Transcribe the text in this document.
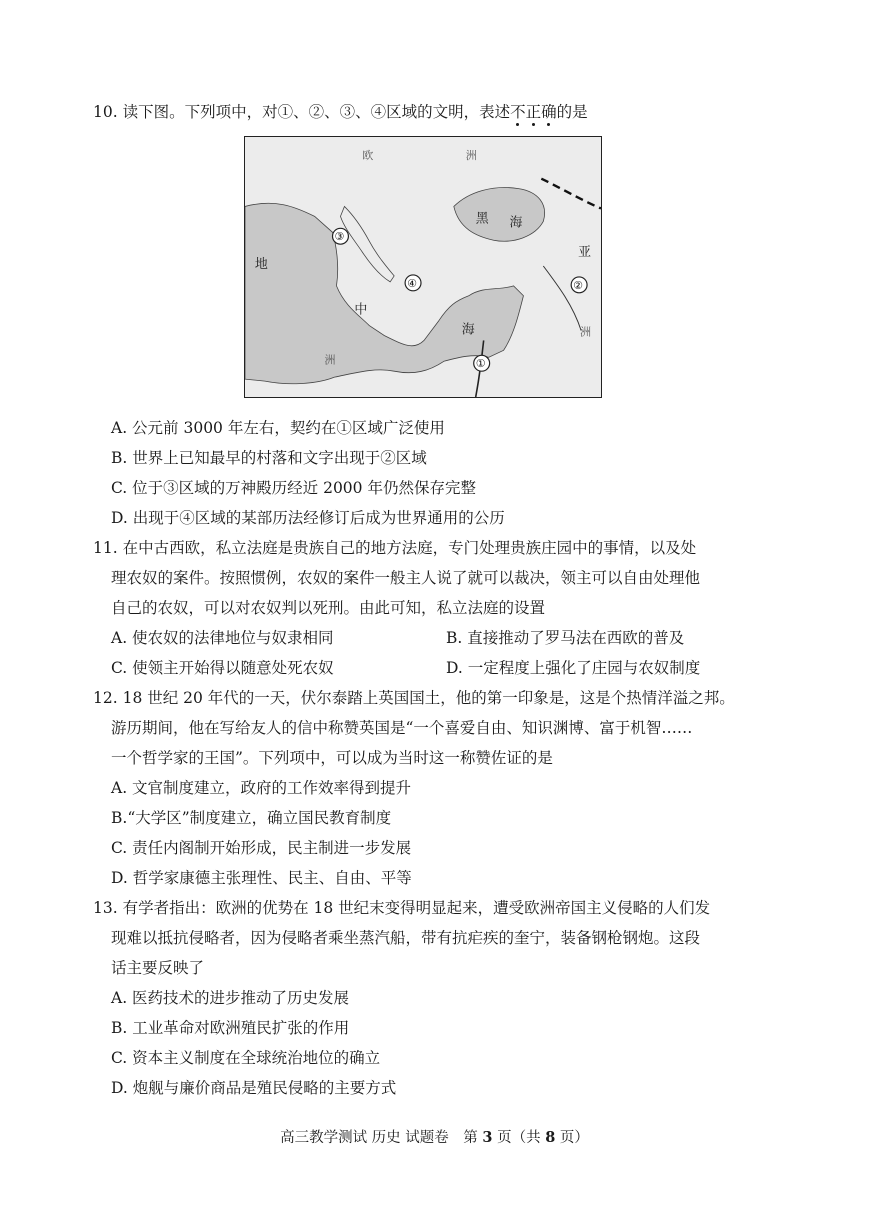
10. 读下图。下列项中，对①、②、③、④区域的文明，表述不正确的是
欧	洲
黑 海
亚
洲
地
中
海
洲	①
②
③
④
A. 公元前 3000 年左右，契约在①区域广泛使用
B. 世界上已知最早的村落和文字出现于②区域
C. 位于③区域的万神殿历经近 2000 年仍然保存完整
D. 出现于④区域的某部历法经修订后成为世界通用的公历
11. 在中古西欧，私立法庭是贵族自己的地方法庭，专门处理贵族庄园中的事情，以及处
理农奴的案件。按照惯例，农奴的案件一般主人说了就可以裁决，领主可以自由处理他
自己的农奴，可以对农奴判以死刑。由此可知，私立法庭的设置
A. 使农奴的法律地位与奴隶相同	B. 直接推动了罗马法在西欧的普及
C. 使领主开始得以随意处死农奴	D. 一定程度上强化了庄园与农奴制度
12. 18 世纪 20 年代的一天，伏尔泰踏上英国国土，他的第一印象是，这是个热情洋溢之邦。
游历期间，他在写给友人的信中称赞英国是“一个喜爱自由、知识渊博、富于机智……
一个哲学家的王国”。下列项中，可以成为当时这一称赞佐证的是
A. 文官制度建立，政府的工作效率得到提升
B.“大学区”制度建立，确立国民教育制度
C. 责任内阁制开始形成，民主制进一步发展
D. 哲学家康德主张理性、民主、自由、平等
13. 有学者指出：欧洲的优势在 18 世纪末变得明显起来，遭受欧洲帝国主义侵略的人们发
现难以抵抗侵略者，因为侵略者乘坐蒸汽船，带有抗疟疾的奎宁，装备钢枪钢炮。这段
话主要反映了
A. 医药技术的进步推动了历史发展
B. 工业革命对欧洲殖民扩张的作用
C. 资本主义制度在全球统治地位的确立
D. 炮舰与廉价商品是殖民侵略的主要方式
高三教学测试 历史 试题卷　第 3 页（共 8 页）
